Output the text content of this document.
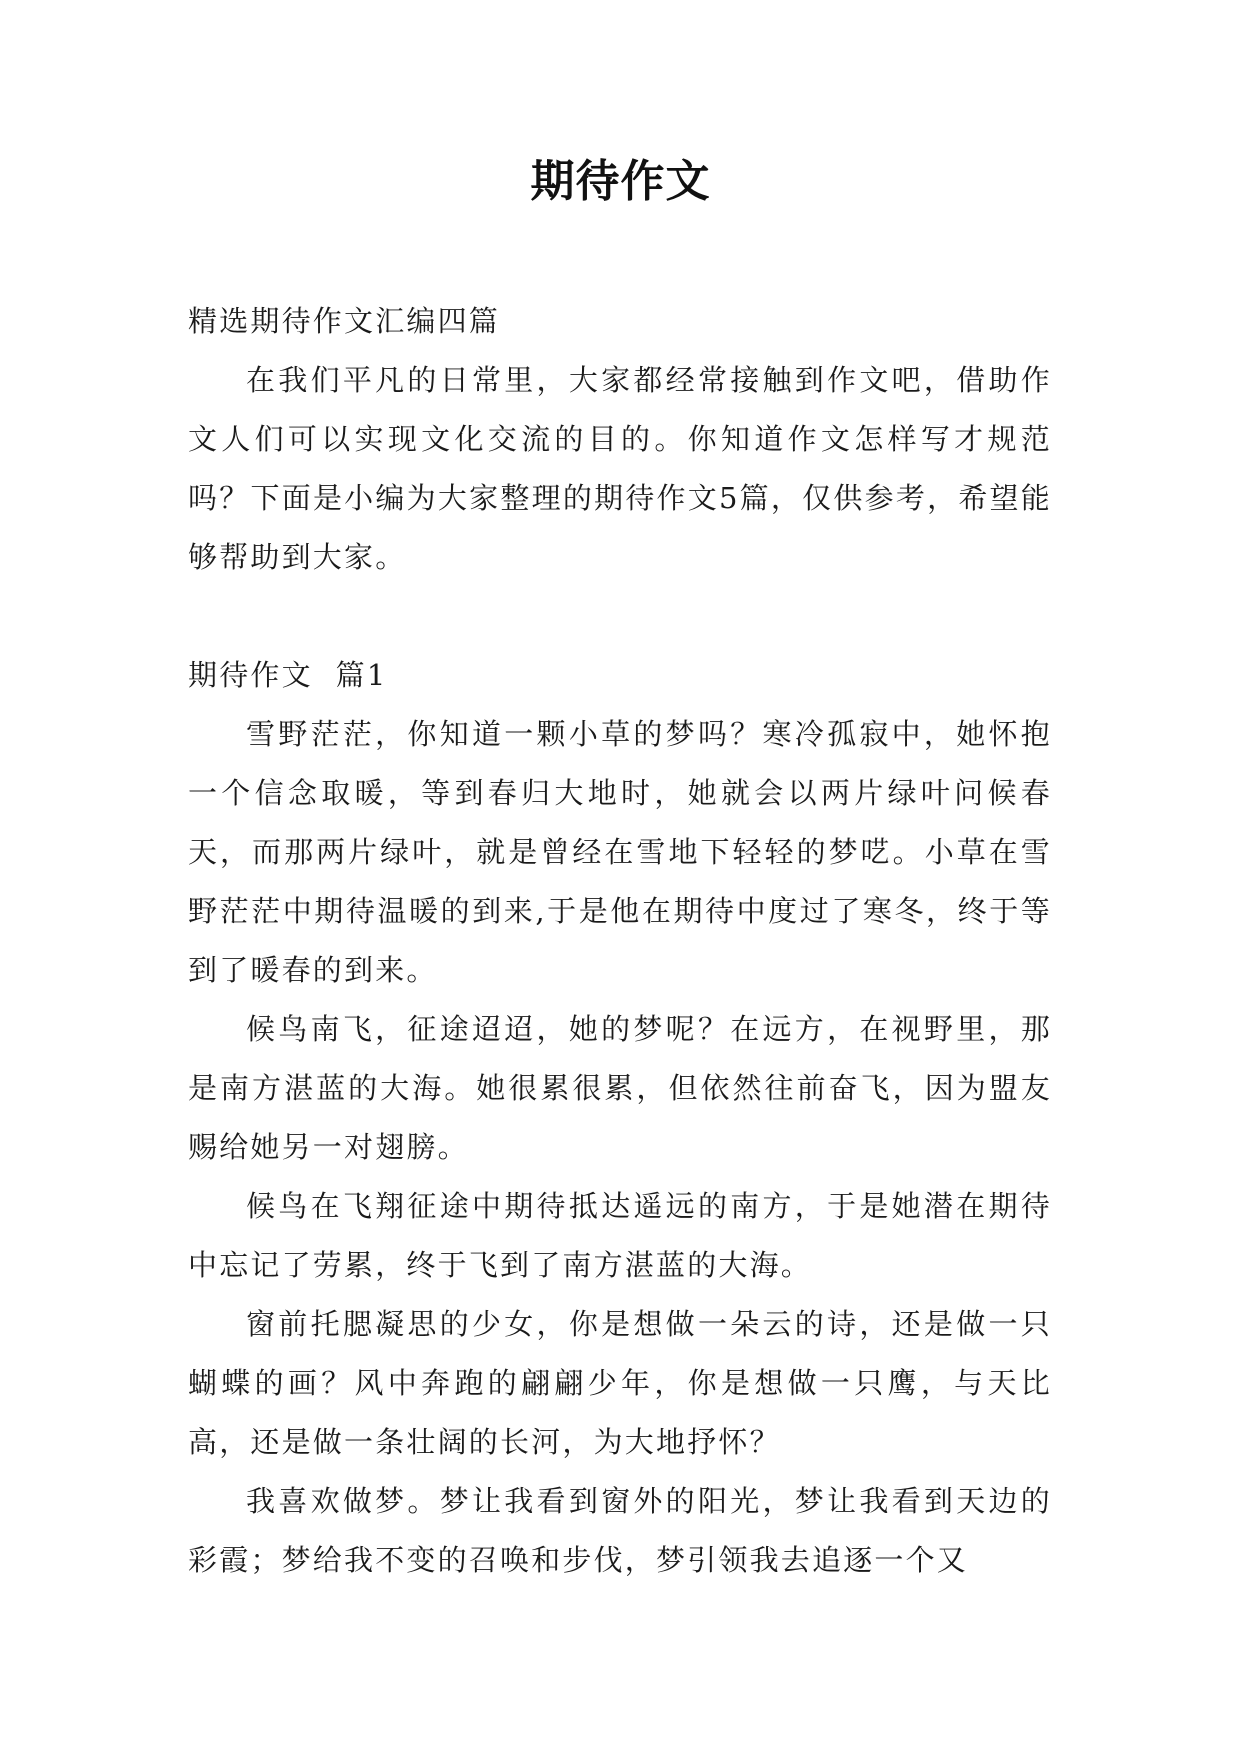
期待作文

精选期待作文汇编四篇

在我们平凡的日常里，大家都经常接触到作文吧，借助作文人们可以实现文化交流的目的。你知道作文怎样写才规范吗？下面是小编为大家整理的期待作文5篇，仅供参考，希望能够帮助到大家。

期待作文  篇1

雪野茫茫，你知道一颗小草的梦吗？寒冷孤寂中，她怀抱一个信念取暖，等到春归大地时，她就会以两片绿叶问候春天，而那两片绿叶，就是曾经在雪地下轻轻的梦呓。小草在雪野茫茫中期待温暖的到来,于是他在期待中度过了寒冬，终于等到了暖春的到来。

候鸟南飞，征途迢迢，她的梦呢？在远方，在视野里，那是南方湛蓝的大海。她很累很累，但依然往前奋飞，因为盟友赐给她另一对翅膀。

候鸟在飞翔征途中期待抵达遥远的南方，于是她潜在期待中忘记了劳累，终于飞到了南方湛蓝的大海。

窗前托腮凝思的少女，你是想做一朵云的诗，还是做一只蝴蝶的画？风中奔跑的翩翩少年，你是想做一只鹰，与天比高，还是做一条壮阔的长河，为大地抒怀？

我喜欢做梦。梦让我看到窗外的阳光，梦让我看到天边的彩霞；梦给我不变的召唤和步伐，梦引领我去追逐一个又
